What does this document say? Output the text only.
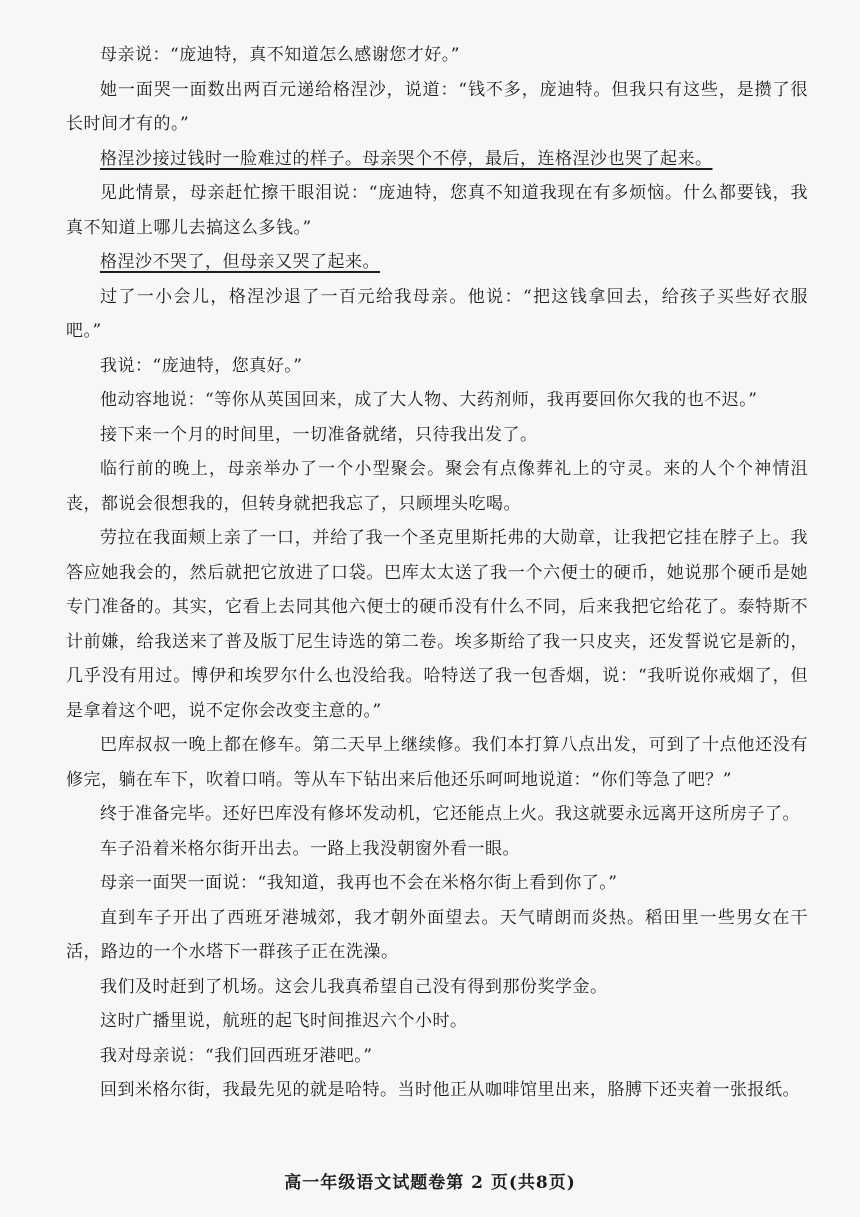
母亲说：“庞迪特，真不知道怎么感谢您才好。”

她一面哭一面数出两百元递给格涅沙，说道：“钱不多，庞迪特。但我只有这些，是攒了很长时间才有的。”

格涅沙接过钱时一脸难过的样子。母亲哭个不停，最后，连格涅沙也哭了起来。

见此情景，母亲赶忙擦干眼泪说：“庞迪特，您真不知道我现在有多烦恼。什么都要钱，我真不知道上哪儿去搞这么多钱。”

格涅沙不哭了，但母亲又哭了起来。

过了一小会儿，格涅沙退了一百元给我母亲。他说：“把这钱拿回去，给孩子买些好衣服吧。”

我说：“庞迪特，您真好。”

他动容地说：“等你从英国回来，成了大人物、大药剂师，我再要回你欠我的也不迟。”

接下来一个月的时间里，一切准备就绪，只待我出发了。

临行前的晚上，母亲举办了一个小型聚会。聚会有点像葬礼上的守灵。来的人个个神情沮丧，都说会很想我的，但转身就把我忘了，只顾埋头吃喝。

劳拉在我面颊上亲了一口，并给了我一个圣克里斯托弗的大勋章，让我把它挂在脖子上。我答应她我会的，然后就把它放进了口袋。巴库太太送了我一个六便士的硬币，她说那个硬币是她专门准备的。其实，它看上去同其他六便士的硬币没有什么不同，后来我把它给花了。泰特斯不计前嫌，给我送来了普及版丁尼生诗选的第二卷。埃多斯给了我一只皮夹，还发誓说它是新的，几乎没有用过。博伊和埃罗尔什么也没给我。哈特送了我一包香烟，说：“我听说你戒烟了，但是拿着这个吧，说不定你会改变主意的。”

巴库叔叔一晚上都在修车。第二天早上继续修。我们本打算八点出发，可到了十点他还没有修完，躺在车下，吹着口哨。等从车下钻出来后他还乐呵呵地说道：“你们等急了吧？”

终于准备完毕。还好巴库没有修坏发动机，它还能点上火。我这就要永远离开这所房子了。

车子沿着米格尔街开出去。一路上我没朝窗外看一眼。

母亲一面哭一面说：“我知道，我再也不会在米格尔街上看到你了。”

直到车子开出了西班牙港城郊，我才朝外面望去。天气晴朗而炎热。稻田里一些男女在干活，路边的一个水塔下一群孩子正在洗澡。

我们及时赶到了机场。这会儿我真希望自己没有得到那份奖学金。

这时广播里说，航班的起飞时间推迟六个小时。

我对母亲说：“我们回西班牙港吧。”

回到米格尔街，我最先见的就是哈特。当时他正从咖啡馆里出来，胳膊下还夹着一张报纸。

高一年级语文试题卷第 2 页(共8页)
